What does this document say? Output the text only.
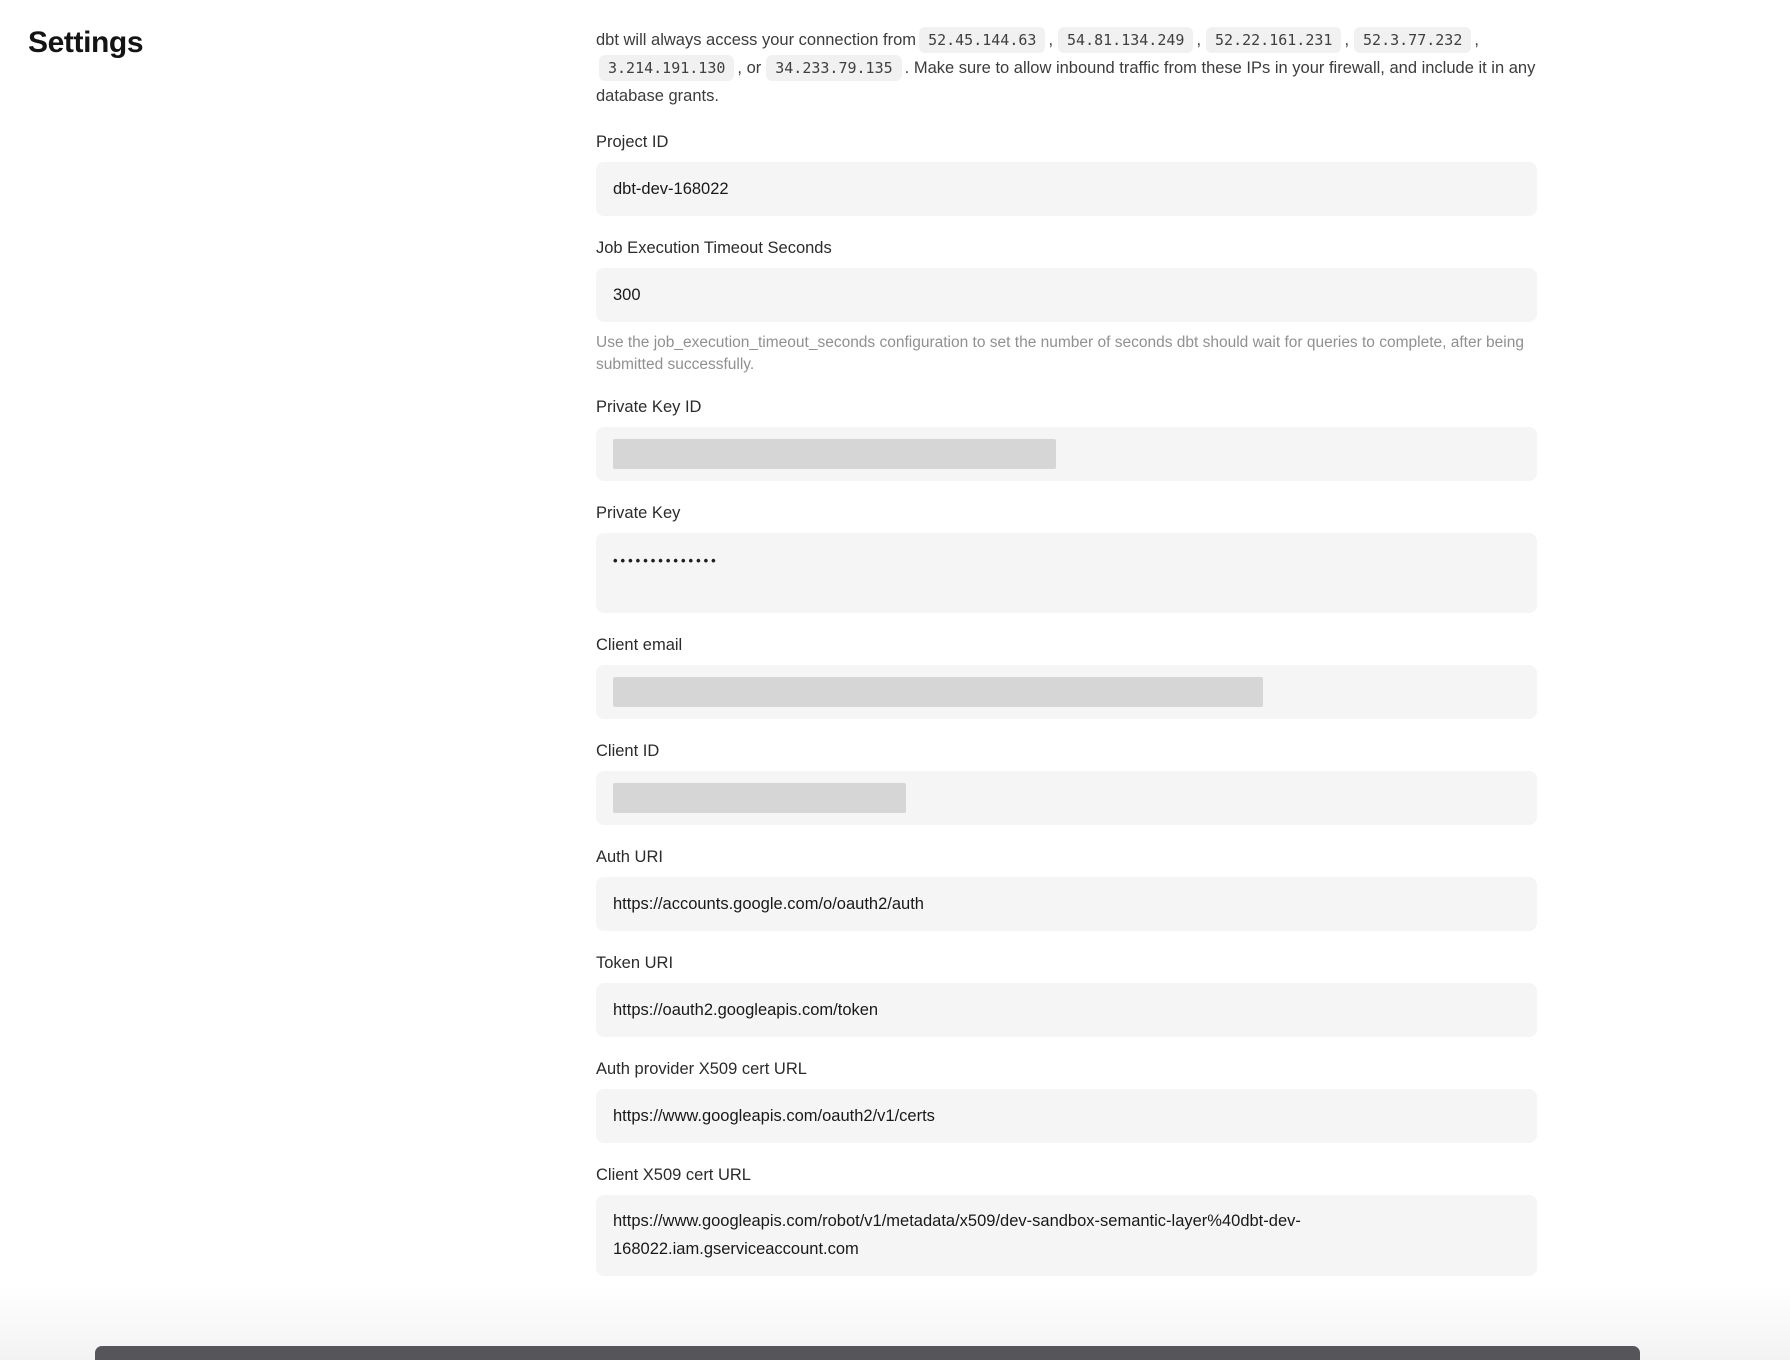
Settings	dbt will always access your connection from 52.45.144.63 , 54.81.134.249 , 52.22.161.231 , 52.3.77.232 ,3.214.191.130 , or 34.233.79.135 . Make sure to allow inbound traffic from these IPs in your firewall, and include it in any database grants.

Project ID
dbt-dev-168022
Job Execution Timeout Seconds
300
Use the job_execution_timeout_seconds configuration to set the number of seconds dbt should wait for queries to complete, after being submitted successfully.
Private Key ID
Private Key
••••••••••••••
Client email
Client ID
Auth URI
https://accounts.google.com/o/oauth2/auth
Token URI
https://oauth2.googleapis.com/token
Auth provider X509 cert URL
https://www.googleapis.com/oauth2/v1/certs
Client X509 cert URL
https://www.googleapis.com/robot/v1/metadata/x509/dev-sandbox-semantic-layer%40dbt-dev-168022.iam.gserviceaccount.com
